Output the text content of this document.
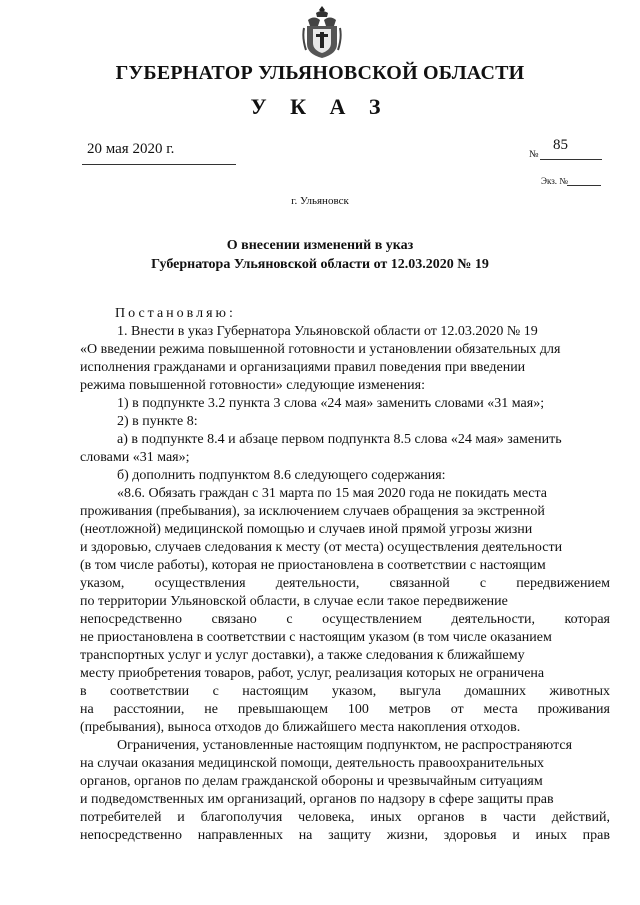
ГУБЕРНАТОР УЛЬЯНОВСКОЙ ОБЛАСТИ
У К А З
20 мая 2020 г.	№
85
Экз. №
г. Ульяновск
О внесении изменений в указ
Губернатора Ульяновской области от 12.03.2020 № 19
Постановляю:
1. Внести в указ Губернатора Ульяновской области от 12.03.2020 № 19
«О введении режима повышенной готовности и установлении обязательных для
исполнения гражданами и организациями правил поведения при введении
режима повышенной готовности» следующие изменения:
1) в подпункте 3.2 пункта 3 слова «24 мая» заменить словами «31 мая»;
2) в пункте 8:
а) в подпункте 8.4 и абзаце первом подпункта 8.5 слова «24 мая» заменить
словами «31 мая»;
б) дополнить подпунктом 8.6 следующего содержания:
«8.6. Обязать граждан с 31 марта по 15 мая 2020 года не покидать места
проживания (пребывания), за исключением случаев обращения за экстренной
(неотложной) медицинской помощью и случаев иной прямой угрозы жизни
и здоровью, случаев следования к месту (от места) осуществления деятельности
(в том числе работы), которая не приостановлена в соответствии с настоящим
указом, осуществления деятельности, связанной с передвижением
по территории Ульяновской области, в случае если такое передвижение
непосредственно связано с осуществлением деятельности, которая
не приостановлена в соответствии с настоящим указом (в том числе оказанием
транспортных услуг и услуг доставки), а также следования к ближайшему
месту приобретения товаров, работ, услуг, реализация которых не ограничена
в соответствии с настоящим указом, выгула домашних животных
на расстоянии, не превышающем 100 метров от места проживания
(пребывания), выноса отходов до ближайшего места накопления отходов.
Ограничения, установленные настоящим подпунктом, не распространяются
на случаи оказания медицинской помощи, деятельность правоохранительных
органов, органов по делам гражданской обороны и чрезвычайным ситуациям
и подведомственных им организаций, органов по надзору в сфере защиты прав
потребителей и благополучия человека, иных органов в части действий,
непосредственно направленных на защиту жизни, здоровья и иных прав
